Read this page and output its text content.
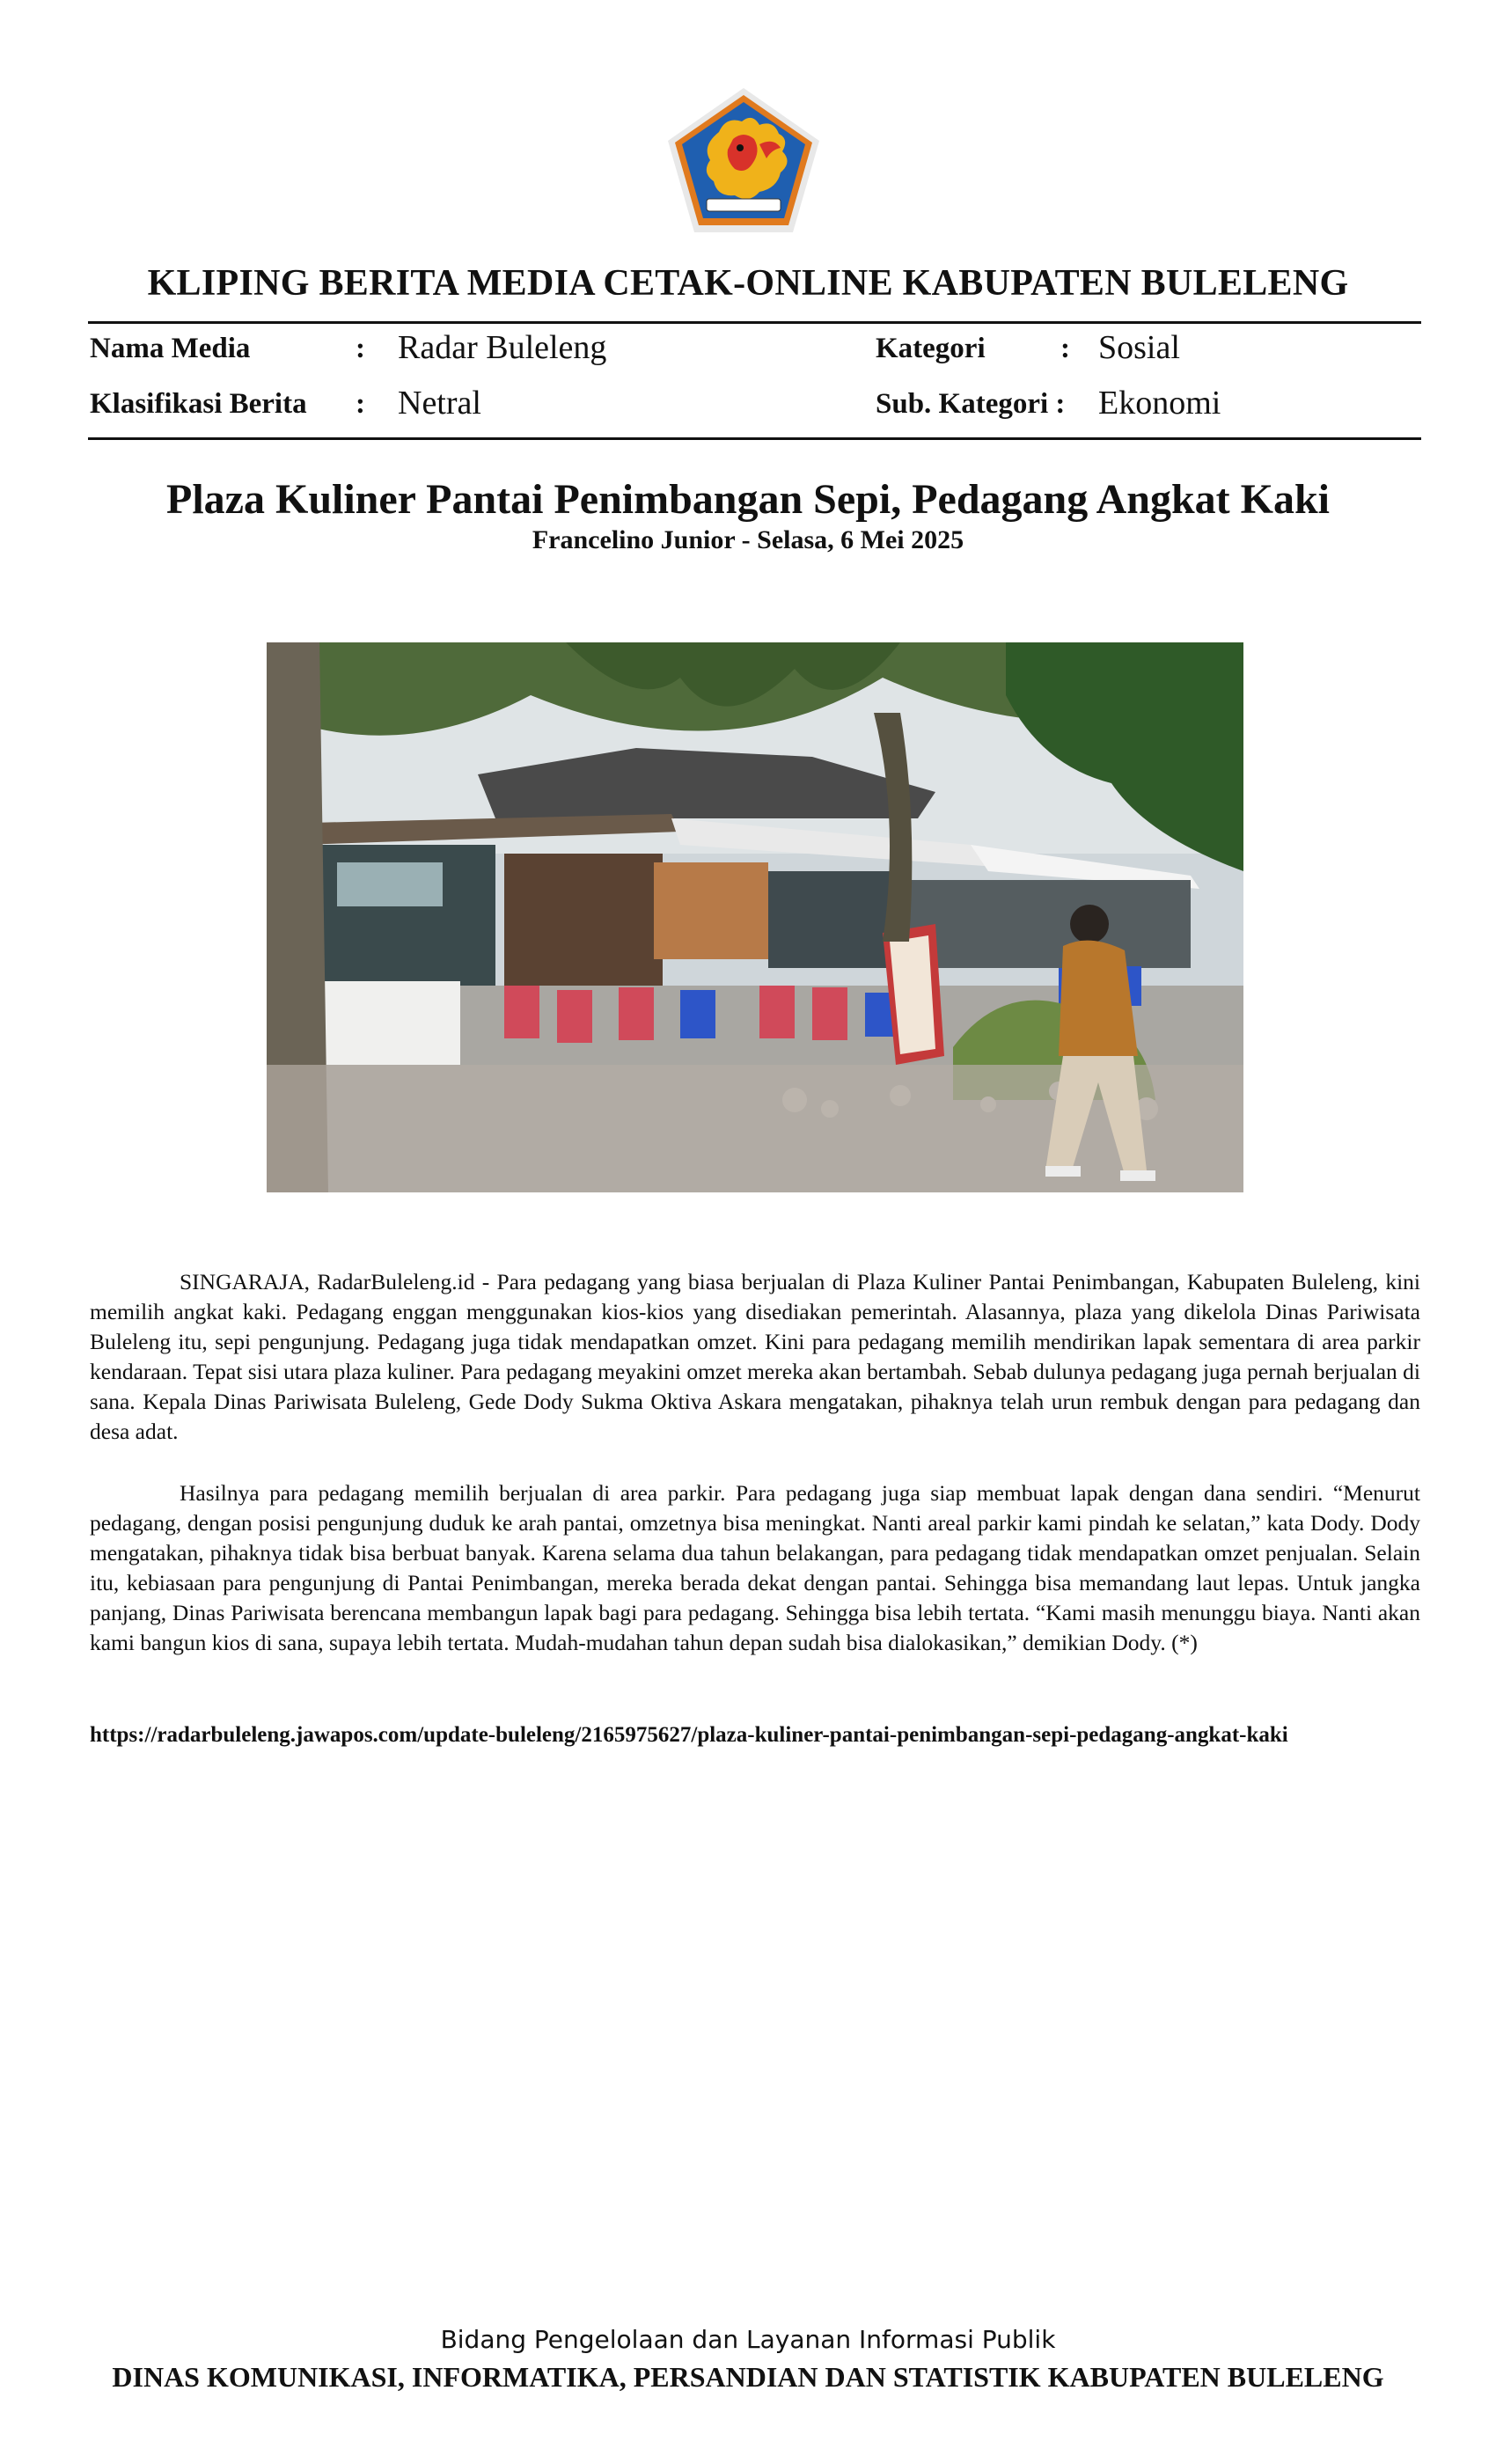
KLIPING BERITA MEDIA CETAK-ONLINE KABUPATEN BULELENG
Nama Media	: Radar Buleleng	Kategori	: Sosial
Klasifikasi Berita : Netral	Sub. Kategori : Ekonomi
Plaza Kuliner Pantai Penimbangan Sepi, Pedagang Angkat Kaki
Francelino Junior - Selasa, 6 Mei 2025

SINGARAJA, RadarBuleleng.id - Para pedagang yang biasa berjualan di Plaza Kuliner Pantai Penimbangan, Kabupaten Buleleng, kini memilih angkat kaki. Pedagang enggan menggunakan kios-kios yang disediakan pemerintah. Alasannya, plaza yang dikelola Dinas Pariwisata Buleleng itu, sepi pengunjung. Pedagang juga tidak mendapatkan omzet. Kini para pedagang memilih mendirikan lapak sementara di area parkir kendaraan. Tepat sisi utara plaza kuliner. Para pedagang meyakini omzet mereka akan bertambah. Sebab dulunya pedagang juga pernah berjualan di sana. Kepala Dinas Pariwisata Buleleng, Gede Dody Sukma Oktiva Askara mengatakan, pihaknya telah urun rembuk dengan para pedagang dan desa adat.

Hasilnya para pedagang memilih berjualan di area parkir. Para pedagang juga siap membuat lapak dengan dana sendiri. “Menurut pedagang, dengan posisi pengunjung duduk ke arah pantai, omzetnya bisa meningkat. Nanti areal parkir kami pindah ke selatan,” kata Dody. Dody mengatakan, pihaknya tidak bisa berbuat banyak. Karena selama dua tahun belakangan, para pedagang tidak mendapatkan omzet penjualan. Selain itu, kebiasaan para pengunjung di Pantai Penimbangan, mereka berada dekat dengan pantai. Sehingga bisa memandang laut lepas. Untuk jangka panjang, Dinas Pariwisata berencana membangun lapak bagi para pedagang. Sehingga bisa lebih tertata. “Kami masih menunggu biaya. Nanti akan kami bangun kios di sana, supaya lebih tertata. Mudah-mudahan tahun depan sudah bisa dialokasikan,” demikian Dody. (*)

https://radarbuleleng.jawapos.com/update-buleleng/2165975627/plaza-kuliner-pantai-penimbangan-sepi-pedagang-angkat-kaki
Bidang Pengelolaan dan Layanan Informasi Publik
DINAS KOMUNIKASI, INFORMATIKA, PERSANDIAN DAN STATISTIK KABUPATEN BULELENG
